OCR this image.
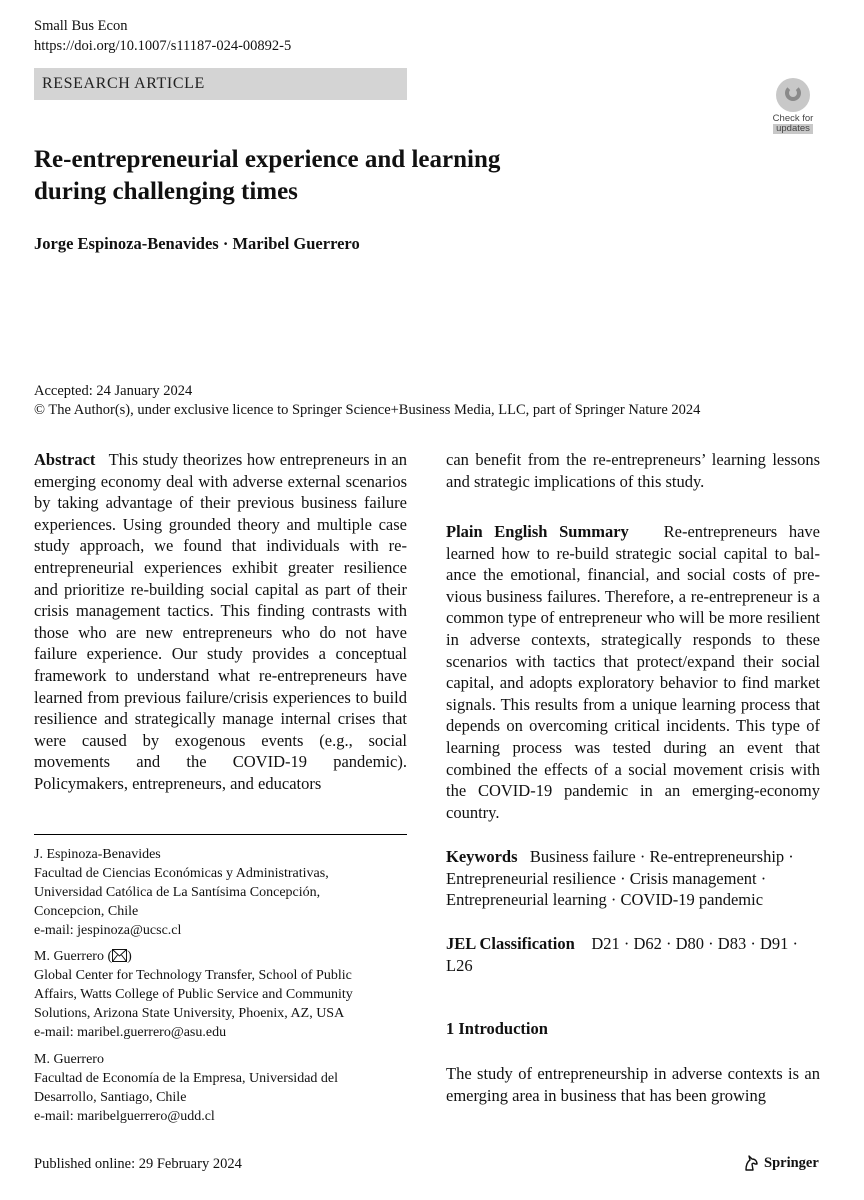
Small Bus Econ
https://doi.org/10.1007/s11187-024-00892-5
RESEARCH ARTICLE
Check for
updates
Re-entrepreneurial experience and learning
during challenging times
Jorge Espinoza-Benavides · Maribel Guerrero
Accepted: 24 January 2024
© The Author(s), under exclusive licence to Springer Science+Business Media, LLC, part of Springer Nature 2024
Abstract This study theorizes how entrepreneurs in an emerging economy deal with adverse external scenarios by taking advantage of their previous business failure experiences. Using grounded theory and multiple case study approach, we found that individuals with re-entrepreneurial experiences exhibit greater resilience and prioritize re-building social capital as part of their crisis management tactics. This finding contrasts with those who are new entrepreneurs who do not have failure experience. Our study provides a conceptual framework to understand what re-entrepreneurs have learned from previous failure/crisis experiences to build resilience and strategically manage internal crises that were caused by exogenous events (e.g., social movements and the COVID-19 pandemic). Policymakers, entrepreneurs, and educators
J. Espinoza-Benavides
Facultad de Ciencias Económicas y Administrativas,
Universidad Católica de La Santísima Concepción,
Concepcion, Chile
e-mail: jespinoza@ucsc.cl
M. Guerrero ( )
Global Center for Technology Transfer, School of Public
Affairs, Watts College of Public Service and Community
Solutions, Arizona State University, Phoenix, AZ, USA
e-mail: maribel.guerrero@asu.edu
M. Guerrero
Facultad de Economía de la Empresa, Universidad del
Desarrollo, Santiago, Chile
e-mail: maribelguerrero@udd.cl
can benefit from the re-entrepreneurs’ learning lessons and strategic implications of this study.
Plain English Summary Re-entrepreneurs have learned how to re-build strategic social capital to balance the emotional, financial, and social costs of previous business failures. Therefore, a re-entrepreneur is a common type of entrepreneur who will be more resilient in adverse contexts, strategically responds to these scenarios with tactics that protect/expand their social capital, and adopts exploratory behavior to find market signals. This results from a unique learning process that depends on overcoming critical incidents. This type of learning process was tested during an event that combined the effects of a social movement crisis with the COVID-19 pandemic in an emerging-economy country.
Keywords Business failure · Re-entrepreneurship · Entrepreneurial resilience · Crisis management · Entrepreneurial learning · COVID-19 pandemic
JEL Classification D21 · D62 · D80 · D83 · D91 · L26
1 Introduction
The study of entrepreneurship in adverse contexts is an emerging area in business that has been growing
Published online: 29 February 2024	Springer
